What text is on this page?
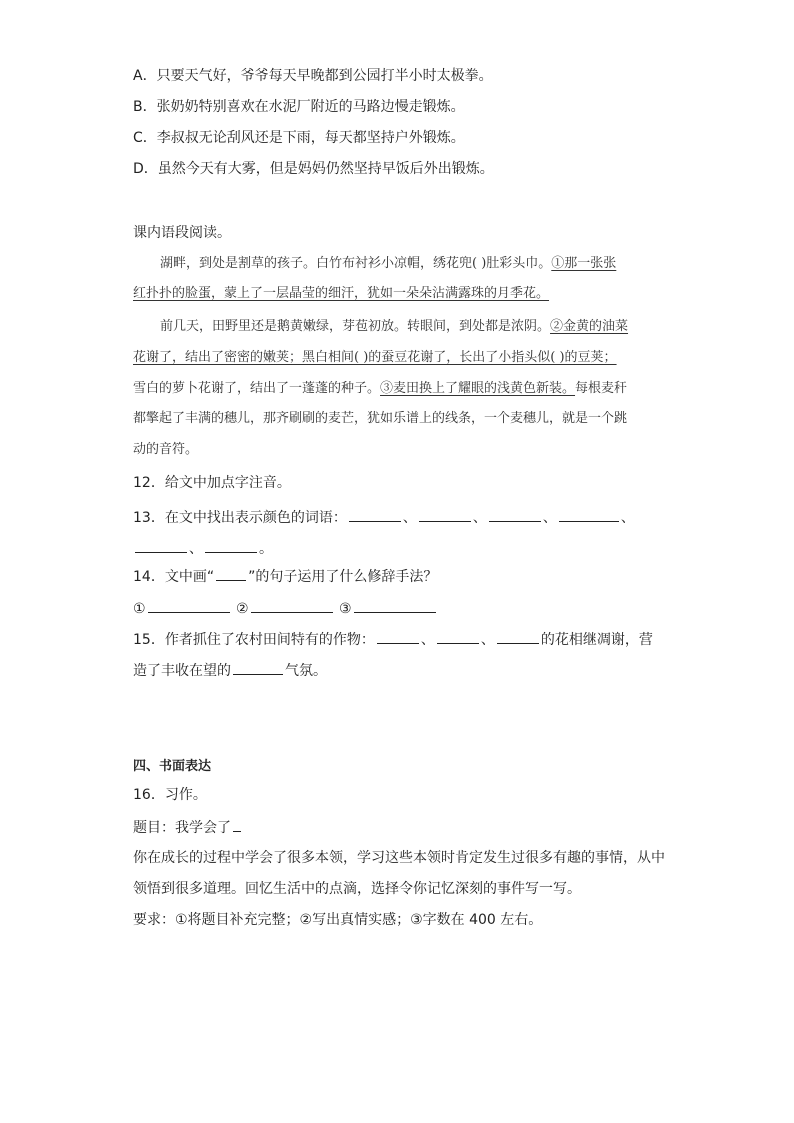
A．只要天气好，爷爷每天早晚都到公园打半小时太极拳。
B．张奶奶特别喜欢在水泥厂附近的马路边慢走锻炼。
C．李叔叔无论刮风还是下雨，每天都坚持户外锻炼。
D．虽然今天有大雾，但是妈妈仍然坚持早饭后外出锻炼。
课内语段阅读。
湖畔，到处是割草的孩子。白竹布衬衫小凉帽，绣花兜( )肚彩头巾。①那一张张
红扑扑的脸蛋，蒙上了一层晶莹的细汗，犹如一朵朵沾满露珠的月季花。
前几天，田野里还是鹅黄嫩绿，芽苞初放。转眼间，到处都是浓阴。②金黄的油菜
花谢了，结出了密密的嫩荚；黑白相间( )的蚕豆花谢了，长出了小指头似( )的豆荚；
雪白的萝卜花谢了，结出了一蓬蓬的种子。③麦田换上了耀眼的浅黄色新装。每根麦秆
都擎起了丰满的穗儿，那齐刷刷的麦芒，犹如乐谱上的线条，一个麦穗儿，就是一个跳
动的音符。
12．给文中加点字注音。
13．在文中找出表示颜色的词语：	、	、	、	、
、	。
14．文中画“ ”的句子运用了什么修辞手法？
①	②	③
15．作者抓住了农村田间特有的作物：	、	、	的花相继凋谢，营
造了丰收在望的	气氛。
四、书面表达
16．习作。
题目：我学会了
你在成长的过程中学会了很多本领，学习这些本领时肯定发生过很多有趣的事情，从中
领悟到很多道理。回忆生活中的点滴，选择令你记忆深刻的事件写一写。
要求：①将题目补充完整；②写出真情实感；③字数在 400 左右。
